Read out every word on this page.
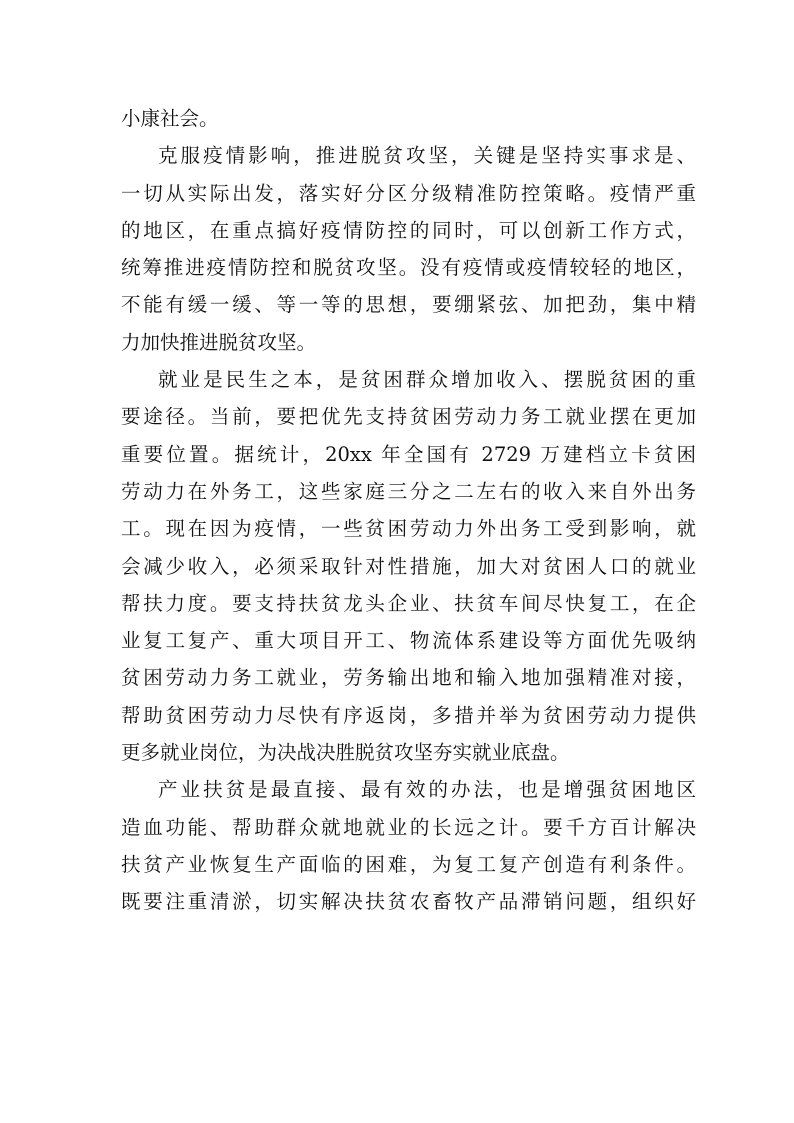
小康社会。
克服疫情影响，推进脱贫攻坚，关键是坚持实事求是、
一切从实际出发，落实好分区分级精准防控策略。疫情严重
的地区，在重点搞好疫情防控的同时，可以创新工作方式，
统筹推进疫情防控和脱贫攻坚。没有疫情或疫情较轻的地区，
不能有缓一缓、等一等的思想，要绷紧弦、加把劲，集中精
力加快推进脱贫攻坚。
就业是民生之本，是贫困群众增加收入、摆脱贫困的重
要途径。当前，要把优先支持贫困劳动力务工就业摆在更加
重要位置。据统计，20xx 年全国有 2729 万建档立卡贫困
劳动力在外务工，这些家庭三分之二左右的收入来自外出务
工。现在因为疫情，一些贫困劳动力外出务工受到影响，就
会减少收入，必须采取针对性措施，加大对贫困人口的就业
帮扶力度。要支持扶贫龙头企业、扶贫车间尽快复工，在企
业复工复产、重大项目开工、物流体系建设等方面优先吸纳
贫困劳动力务工就业，劳务输出地和输入地加强精准对接，
帮助贫困劳动力尽快有序返岗，多措并举为贫困劳动力提供
更多就业岗位，为决战决胜脱贫攻坚夯实就业底盘。
产业扶贫是最直接、最有效的办法，也是增强贫困地区
造血功能、帮助群众就地就业的长远之计。要千方百计解决
扶贫产业恢复生产面临的困难，为复工复产创造有利条件。
既要注重清淤，切实解决扶贫农畜牧产品滞销问题，组织好
